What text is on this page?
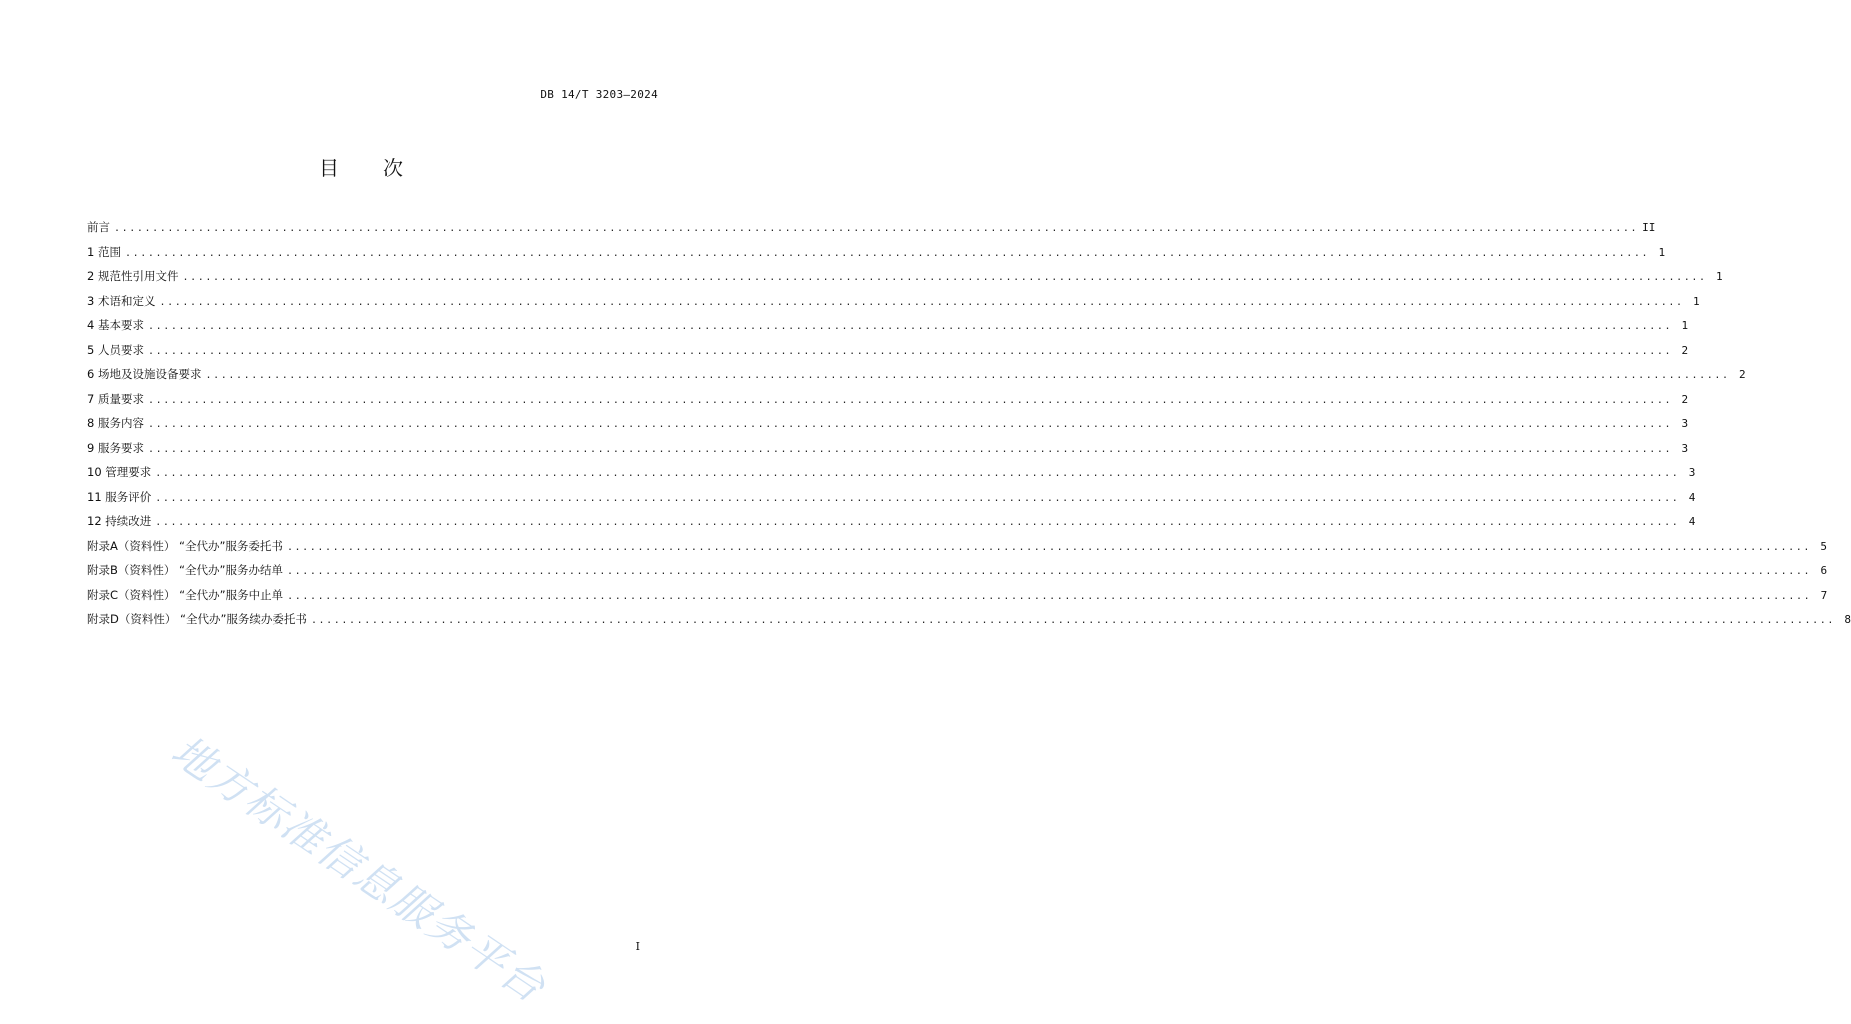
DB 14/T 3203—2024
目 次
前言 ........................................................................................................................................................................................................ II
1 范围 ........................................................................................................................................................................................................ 1
2 规范性引用文件 ........................................................................................................................................................................................................ 1
3 术语和定义 ........................................................................................................................................................................................................ 1
4 基本要求 ........................................................................................................................................................................................................ 1
5 人员要求 ........................................................................................................................................................................................................ 2
6 场地及设施设备要求 ........................................................................................................................................................................................................ 2
7 质量要求 ........................................................................................................................................................................................................ 2
8 服务内容 ........................................................................................................................................................................................................ 3
9 服务要求 ........................................................................................................................................................................................................ 3
10 管理要求 ........................................................................................................................................................................................................ 3
11 服务评价 ........................................................................................................................................................................................................ 4
12 持续改进 ........................................................................................................................................................................................................ 4
附录A（资料性） “全代办”服务委托书 ........................................................................................................................................................................................................ 5
附录B（资料性） “全代办”服务办结单 ........................................................................................................................................................................................................ 6
附录C（资料性） “全代办”服务中止单 ........................................................................................................................................................................................................ 7
附录D（资料性） “全代办”服务续办委托书 ........................................................................................................................................................................................................ 8
地方标准信息服务平台	I
